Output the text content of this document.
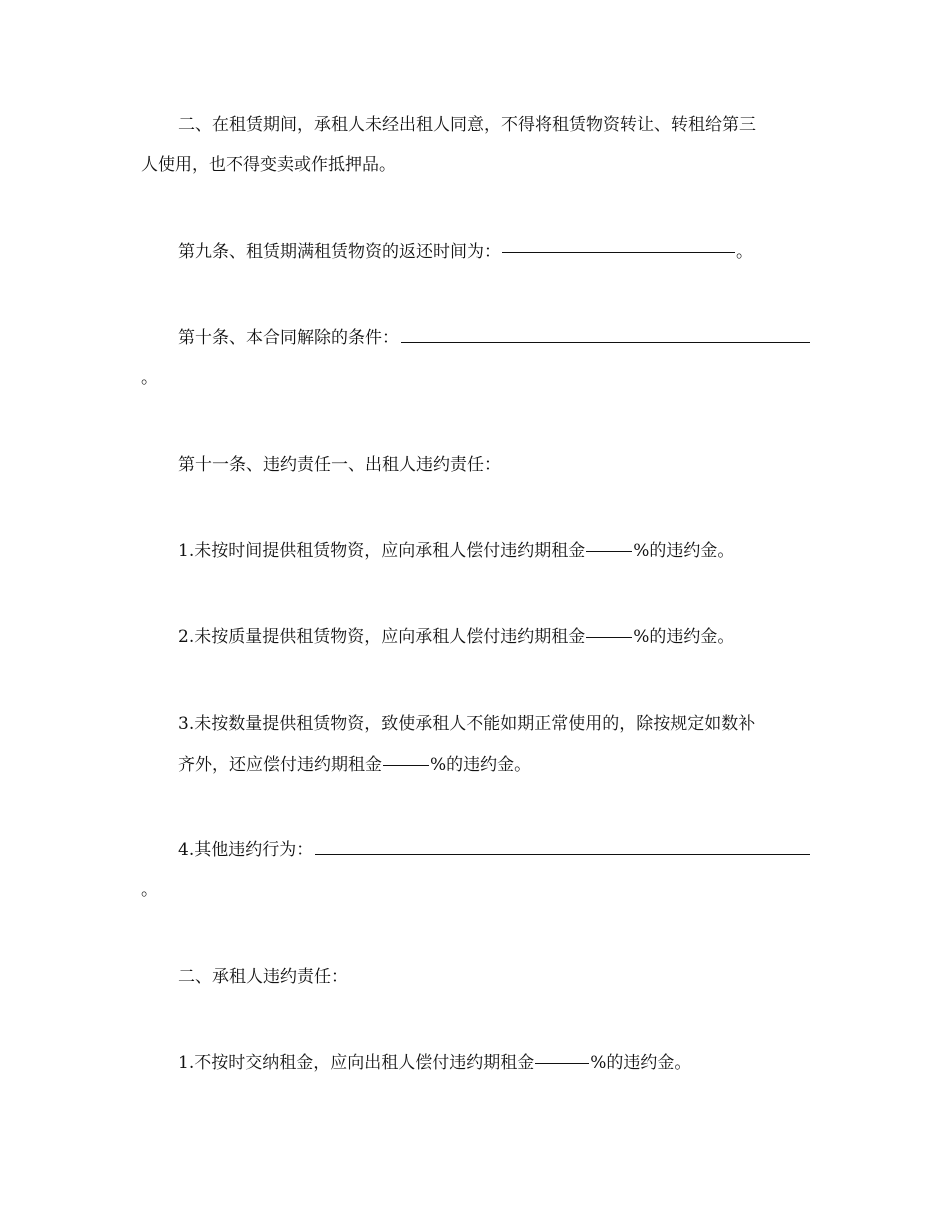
二、在租赁期间，承租人未经出租人同意，不得将租赁物资转让、转租给第三
人使用，也不得变卖或作抵押品。
第九条、租赁期满租赁物资的返还时间为：	。
第十条、本合同解除的条件：
。
第十一条、违约责任一、出租人违约责任：
1.未按时间提供租赁物资，应向承租人偿付违约期租金	%的违约金。
2.未按质量提供租赁物资，应向承租人偿付违约期租金	%的违约金。
3.未按数量提供租赁物资，致使承租人不能如期正常使用的，除按规定如数补
齐外，还应偿付违约期租金	%的违约金。
4.其他违约行为：
。
二、承租人违约责任：
1.不按时交纳租金，应向出租人偿付违约期租金	%的违约金。
